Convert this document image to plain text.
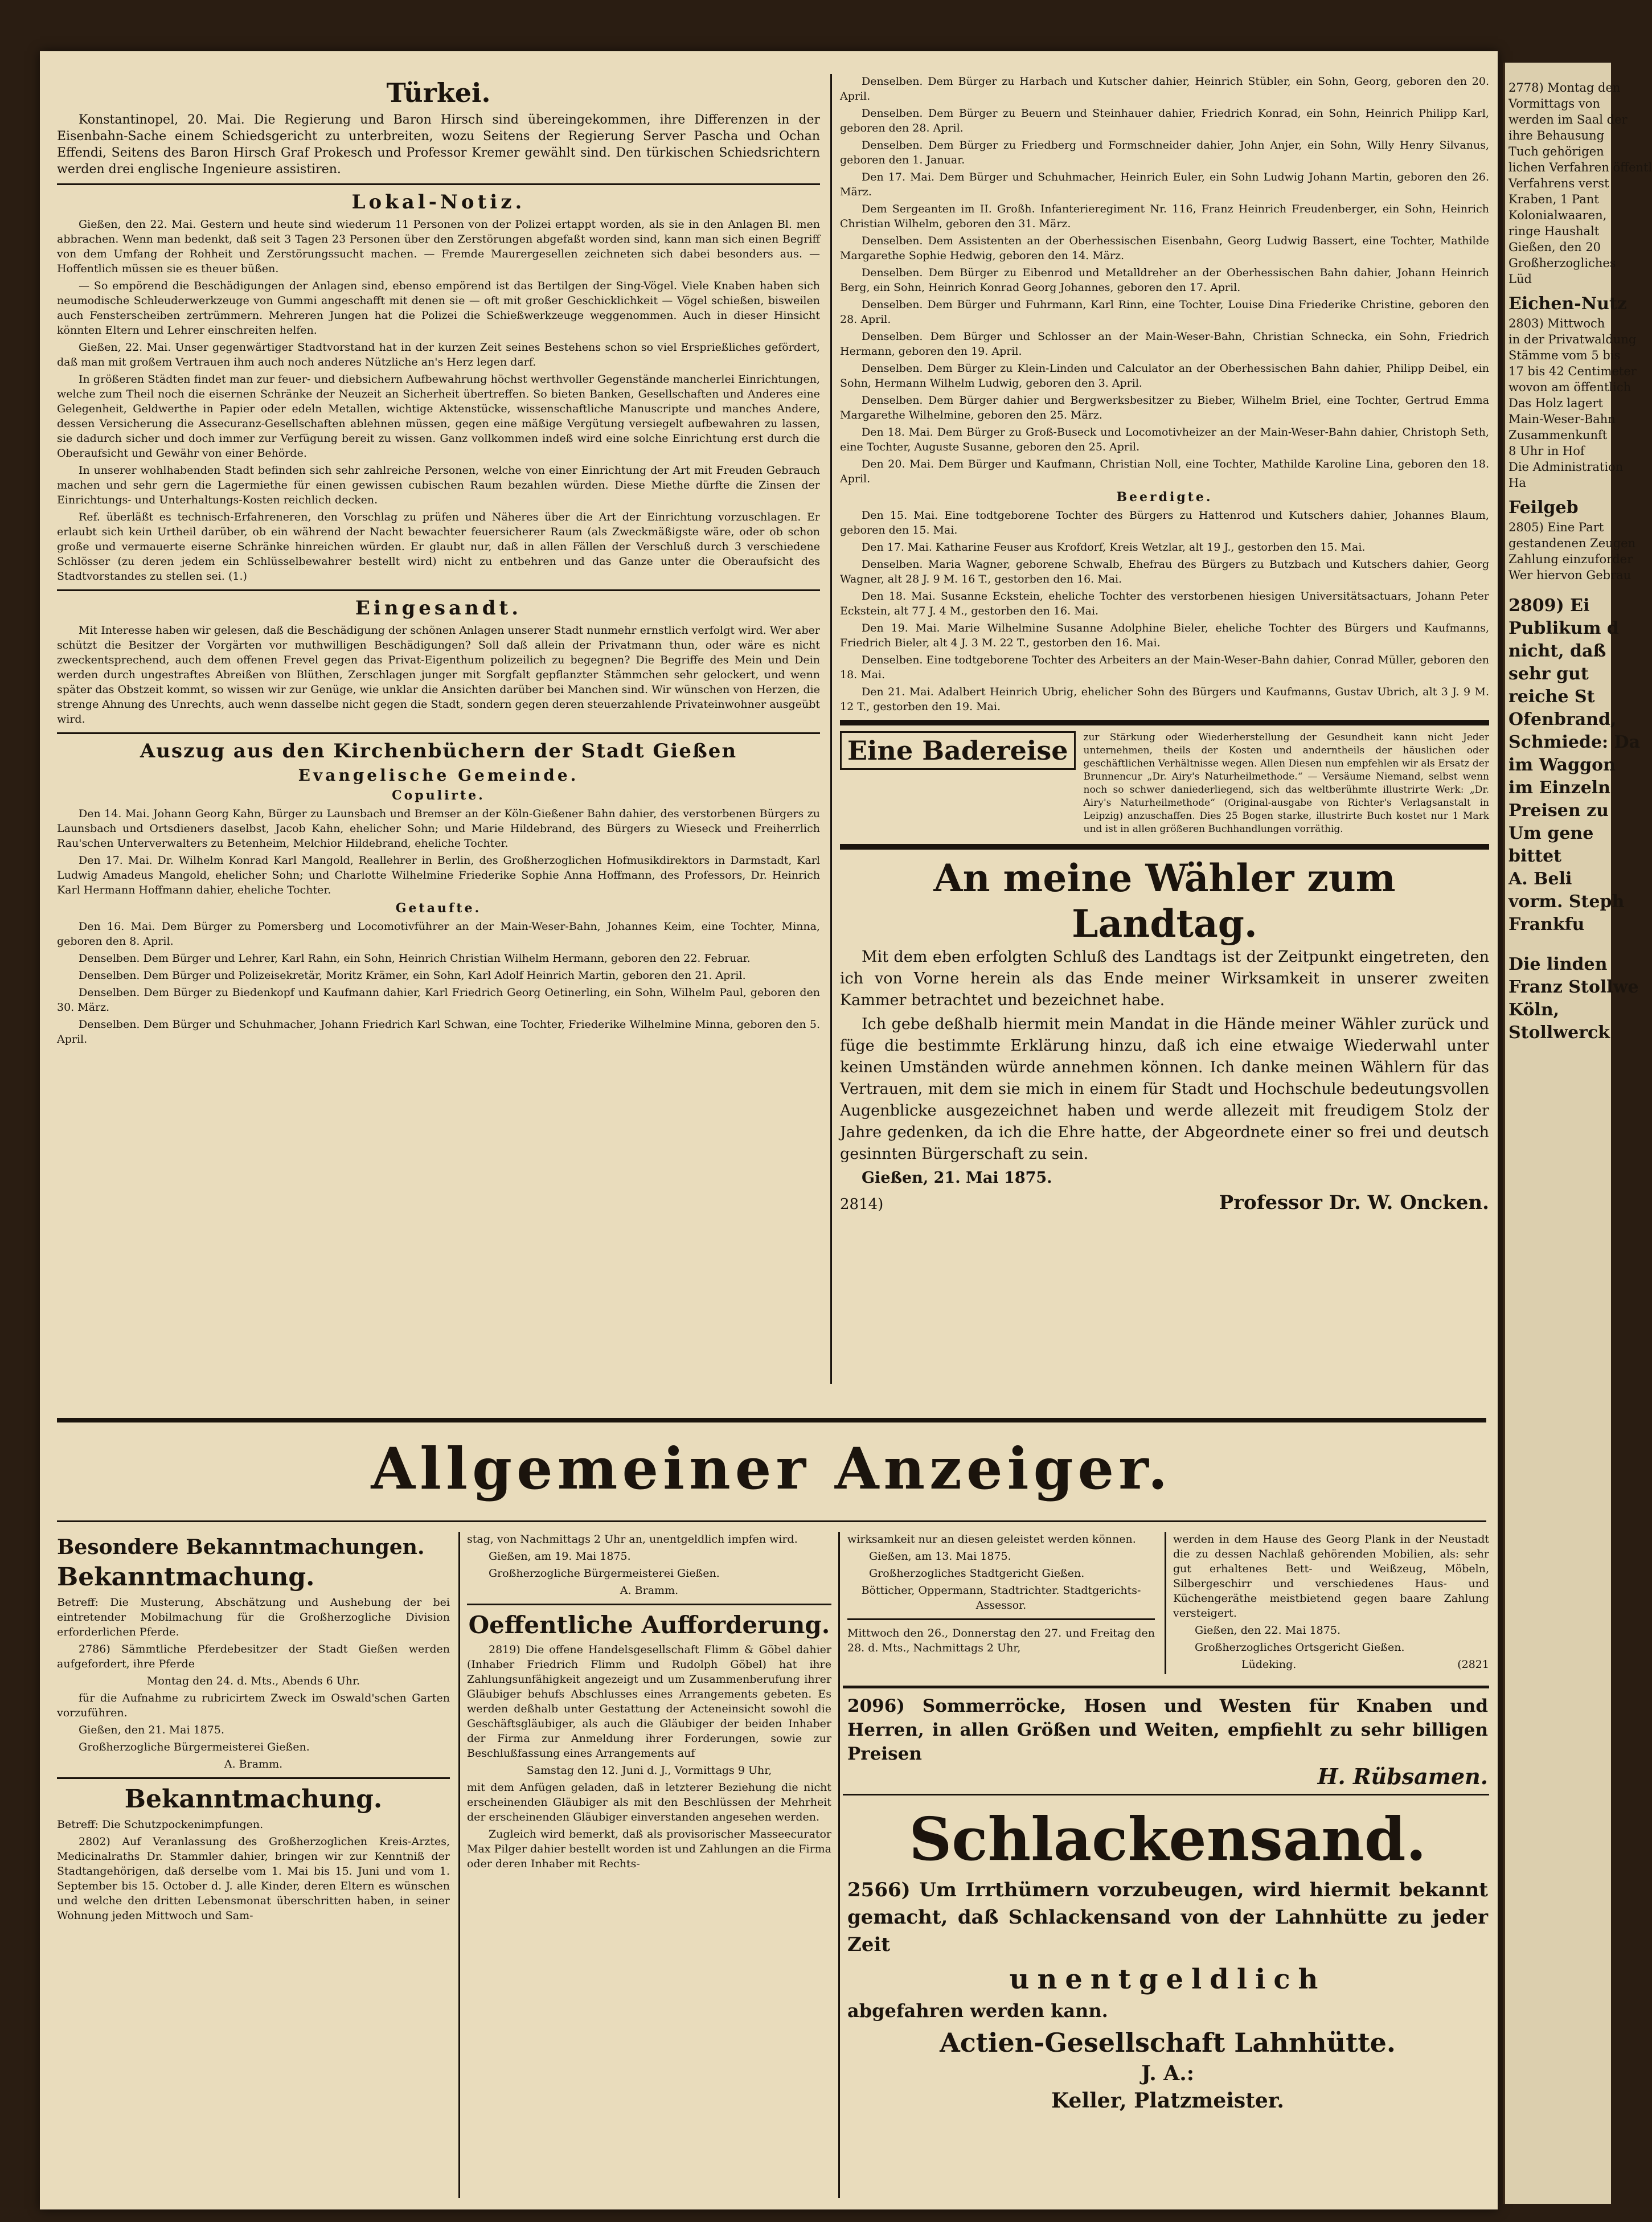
Türkei.

Konstantinopel, 20. Mai. Die Regierung und Baron Hirsch sind übereingekommen, ihre Differenzen in der Eisenbahn-Sache einem Schiedsgericht zu unterbreiten, wozu Seitens der Regierung Server Pascha und Ochan Effendi, Seitens des Baron Hirsch Graf Prokesch und Professor Kremer gewählt sind. Den türkischen Schiedsrichtern werden drei englische Ingenieure assistiren.

Lokal-Notiz.

Gießen, den 22. Mai. Gestern und heute sind wiederum 11 Personen von der Polizei ertappt worden, als sie in den Anlagen Bl. men abbrachen. Wenn man bedenkt, daß seit 3 Tagen 23 Personen über den Zerstörungen abgefaßt worden sind, kann man sich einen Begriff von dem Umfang der Rohheit und Zerstörungssucht machen. — Fremde Maurergesellen zeichneten sich dabei besonders aus. — Hoffentlich müssen sie es theuer büßen.

— So empörend die Beschädigungen der Anlagen sind, ebenso empörend ist das Bertilgen der Sing-Vögel. Viele Knaben haben sich neumodische Schleuderwerkzeuge von Gummi angeschafft mit denen sie — oft mit großer Geschicklichkeit — Vögel schießen, bisweilen auch Fensterscheiben zertrümmern. Mehreren Jungen hat die Polizei die Schießwerkzeuge weggenommen. Auch in dieser Hinsicht könnten Eltern und Lehrer einschreiten helfen.

Gießen, 22. Mai. Unser gegenwärtiger Stadtvorstand hat in der kurzen Zeit seines Bestehens schon so viel Ersprießliches gefördert, daß man mit großem Vertrauen ihm auch noch anderes Nützliche an's Herz legen darf.

In größeren Städten findet man zur feuer- und diebsichern Aufbewahrung höchst werthvoller Gegenstände mancherlei Einrichtungen, welche zum Theil noch die eisernen Schränke der Neuzeit an Sicherheit übertreffen. So bieten Banken, Gesellschaften und Anderes eine Gelegenheit, Geldwerthe in Papier oder edeln Metallen, wichtige Aktenstücke, wissenschaftliche Manuscripte und manches Andere, dessen Versicherung die Assecuranz-Gesellschaften ablehnen müssen, gegen eine mäßige Vergütung versiegelt aufbewahren zu lassen, sie dadurch sicher und doch immer zur Verfügung bereit zu wissen. Ganz vollkommen indeß wird eine solche Einrichtung erst durch die Oberaufsicht und Gewähr von einer Behörde.

In unserer wohlhabenden Stadt befinden sich sehr zahlreiche Personen, welche von einer Einrichtung der Art mit Freuden Gebrauch machen und sehr gern die Lagermiethe für einen gewissen cubischen Raum bezahlen würden. Diese Miethe dürfte die Zinsen der Einrichtungs- und Unterhaltungs-Kosten reichlich decken.

Ref. überläßt es technisch-Erfahreneren, den Vorschlag zu prüfen und Näheres über die Art der Einrichtung vorzuschlagen. Er erlaubt sich kein Urtheil darüber, ob ein während der Nacht bewachter feuersicherer Raum (als Zweckmäßigste wäre, oder ob schon große und vermauerte eiserne Schränke hinreichen würden. Er glaubt nur, daß in allen Fällen der Verschluß durch 3 verschiedene Schlösser (zu deren jedem ein Schlüsselbewahrer bestellt wird) nicht zu entbehren und das Ganze unter die Oberaufsicht des Stadtvorstandes zu stellen sei. (1.)

Eingesandt.

Mit Interesse haben wir gelesen, daß die Beschädigung der schönen Anlagen unserer Stadt nunmehr ernstlich verfolgt wird. Wer aber schützt die Besitzer der Vorgärten vor muthwilligen Beschädigungen? Soll daß allein der Privatmann thun, oder wäre es nicht zweckentsprechend, auch dem offenen Frevel gegen das Privat-Eigenthum polizeilich zu begegnen? Die Begriffe des Mein und Dein werden durch ungestraftes Abreißen von Blüthen, Zerschlagen junger mit Sorgfalt gepflanzter Stämmchen sehr gelockert, und wenn später das Obstzeit kommt, so wissen wir zur Genüge, wie unklar die Ansichten darüber bei Manchen sind. Wir wünschen von Herzen, die strenge Ahnung des Unrechts, auch wenn dasselbe nicht gegen die Stadt, sondern gegen deren steuerzahlende Privateinwohner ausgeübt wird.

Auszug aus den Kirchenbüchern der Stadt Gießen
Evangelische Gemeinde.
Copulirte.

Den 14. Mai. Johann Georg Kahn, Bürger zu Launsbach und Bremser an der Köln-Gießener Bahn dahier, des verstorbenen Bürgers zu Launsbach und Ortsdieners daselbst, Jacob Kahn, ehelicher Sohn; und Marie Hildebrand, des Bürgers zu Wieseck und Freiherrlich Rau'schen Unterverwalters zu Betenheim, Melchior Hildebrand, eheliche Tochter.

Den 17. Mai. Dr. Wilhelm Konrad Karl Mangold, Reallehrer in Berlin, des Großherzoglichen Hofmusikdirektors in Darmstadt, Karl Ludwig Amadeus Mangold, ehelicher Sohn; und Charlotte Wilhelmine Friederike Sophie Anna Hoffmann, des Professors, Dr. Heinrich Karl Hermann Hoffmann dahier, eheliche Tochter.

Getaufte.

Den 16. Mai. Dem Bürger zu Pomersberg und Locomotivführer an der Main-Weser-Bahn, Johannes Keim, eine Tochter, Minna, geboren den 8. April.

Denselben. Dem Bürger und Lehrer, Karl Rahn, ein Sohn, Heinrich Christian Wilhelm Hermann, geboren den 22. Februar.

Denselben. Dem Bürger und Polizeisekretär, Moritz Krämer, ein Sohn, Karl Adolf Heinrich Martin, geboren den 21. April.

Denselben. Dem Bürger zu Biedenkopf und Kaufmann dahier, Karl Friedrich Georg Oetinerling, ein Sohn, Wilhelm Paul, geboren den 30. März.

Denselben. Dem Bürger und Schuhmacher, Johann Friedrich Karl Schwan, eine Tochter, Friederike Wilhelmine Minna, geboren den 5. April.

Denselben. Dem Bürger zu Harbach und Kutscher dahier, Heinrich Stübler, ein Sohn, Georg, geboren den 20. April.

Denselben. Dem Bürger zu Beuern und Steinhauer dahier, Friedrich Konrad, ein Sohn, Heinrich Philipp Karl, geboren den 28. April.

Denselben. Dem Bürger zu Friedberg und Formschneider dahier, John Anjer, ein Sohn, Willy Henry Silvanus, geboren den 1. Januar.

Den 17. Mai. Dem Bürger und Schuhmacher, Heinrich Euler, ein Sohn Ludwig Johann Martin, geboren den 26. März.

Dem Sergeanten im II. Großh. Infanterieregiment Nr. 116, Franz Heinrich Freudenberger, ein Sohn, Heinrich Christian Wilhelm, geboren den 31. März.

Denselben. Dem Assistenten an der Oberhessischen Eisenbahn, Georg Ludwig Bassert, eine Tochter, Mathilde Margarethe Sophie Hedwig, geboren den 14. März.

Denselben. Dem Bürger zu Eibenrod und Metalldreher an der Oberhessischen Bahn dahier, Johann Heinrich Berg, ein Sohn, Heinrich Konrad Georg Johannes, geboren den 17. April.

Denselben. Dem Bürger und Fuhrmann, Karl Rinn, eine Tochter, Louise Dina Friederike Christine, geboren den 28. April.

Denselben. Dem Bürger und Schlosser an der Main-Weser-Bahn, Christian Schnecka, ein Sohn, Friedrich Hermann, geboren den 19. April.

Denselben. Dem Bürger zu Klein-Linden und Calculator an der Oberhessischen Bahn dahier, Philipp Deibel, ein Sohn, Hermann Wilhelm Ludwig, geboren den 3. April.

Denselben. Dem Bürger dahier und Bergwerksbesitzer zu Bieber, Wilhelm Briel, eine Tochter, Gertrud Emma Margarethe Wilhelmine, geboren den 25. März.

Den 18. Mai. Dem Bürger zu Groß-Buseck und Locomotivheizer an der Main-Weser-Bahn dahier, Christoph Seth, eine Tochter, Auguste Susanne, geboren den 25. April.

Den 20. Mai. Dem Bürger und Kaufmann, Christian Noll, eine Tochter, Mathilde Karoline Lina, geboren den 18. April.

Beerdigte.

Den 15. Mai. Eine todtgeborene Tochter des Bürgers zu Hattenrod und Kutschers dahier, Johannes Blaum, geboren den 15. Mai.

Den 17. Mai. Katharine Feuser aus Krofdorf, Kreis Wetzlar, alt 19 J., gestorben den 15. Mai.

Denselben. Maria Wagner, geborene Schwalb, Ehefrau des Bürgers zu Butzbach und Kutschers dahier, Georg Wagner, alt 28 J. 9 M. 16 T., gestorben den 16. Mai.

Den 18. Mai. Susanne Eckstein, eheliche Tochter des verstorbenen hiesigen Universitätsactuars, Johann Peter Eckstein, alt 77 J. 4 M., gestorben den 16. Mai.

Den 19. Mai. Marie Wilhelmine Susanne Adolphine Bieler, eheliche Tochter des Bürgers und Kaufmanns, Friedrich Bieler, alt 4 J. 3 M. 22 T., gestorben den 16. Mai.

Denselben. Eine todtgeborene Tochter des Arbeiters an der Main-Weser-Bahn dahier, Conrad Müller, geboren den 18. Mai.

Den 21. Mai. Adalbert Heinrich Ubrig, ehelicher Sohn des Bürgers und Kaufmanns, Gustav Ubrich, alt 3 J. 9 M. 12 T., gestorben den 19. Mai.

Eine Badereise	zur Stärkung oder Wiederherstellung der Gesundheit kann nicht Jeder unternehmen, theils der Kosten und anderntheils der häuslichen oder geschäftlichen Verhältnisse wegen. Allen Diesen nun empfehlen wir als Ersatz der Brunnencur „Dr. Airy's Naturheilmethode.“ — Versäume Niemand, selbst wenn noch so schwer daniederliegend, sich das weltberühmte illustrirte Werk: „Dr. Airy's Naturheilmethode“ (Original-ausgabe von Richter's Verlagsanstalt in Leipzig) anzuschaffen. Dies 25 Bogen starke, illustrirte Buch kostet nur 1 Mark und ist in allen größeren Buchhandlungen vorräthig.

An meine Wähler zum Landtag.

Mit dem eben erfolgten Schluß des Landtags ist der Zeitpunkt eingetreten, den ich von Vorne herein als das Ende meiner Wirksamkeit in unserer zweiten Kammer betrachtet und bezeichnet habe.

Ich gebe deßhalb hiermit mein Mandat in die Hände meiner Wähler zurück und füge die bestimmte Erklärung hinzu, daß ich eine etwaige Wiederwahl unter keinen Umständen würde annehmen können. Ich danke meinen Wählern für das Vertrauen, mit dem sie mich in einem für Stadt und Hochschule bedeutungsvollen Augenblicke ausgezeichnet haben und werde allezeit mit freudigem Stolz der Jahre gedenken, da ich die Ehre hatte, der Abgeordnete einer so frei und deutsch gesinnten Bürgerschaft zu sein.

Gießen, 21. Mai 1875.

2814)	Professor Dr. W. Oncken.
Allgemeiner Anzeiger.
Besondere Bekanntmachungen.
Bekanntmachung.

Betreff: Die Musterung, Abschätzung und Aushebung der bei eintretender Mobilmachung für die Großherzogliche Division erforderlichen Pferde.

2786) Sämmtliche Pferdebesitzer der Stadt Gießen werden aufgefordert, ihre Pferde

Montag den 24. d. Mts., Abends 6 Uhr.

für die Aufnahme zu rubricirtem Zweck im Oswald'schen Garten vorzuführen.

Gießen, den 21. Mai 1875.

Großherzogliche Bürgermeisterei Gießen.

A. Bramm.

Bekanntmachung.

Betreff: Die Schutzpockenimpfungen.

2802) Auf Veranlassung des Großherzoglichen Kreis-Arztes, Medicinalraths Dr. Stammler dahier, bringen wir zur Kenntniß der Stadtangehörigen, daß derselbe vom 1. Mai bis 15. Juni und vom 1. September bis 15. October d. J. alle Kinder, deren Eltern es wünschen und welche den dritten Lebensmonat überschritten haben, in seiner Wohnung jeden Mittwoch und Sam-

stag, von Nachmittags 2 Uhr an, unentgeldlich impfen wird.

Gießen, am 19. Mai 1875.

Großherzogliche Bürgermeisterei Gießen.

A. Bramm.

Oeffentliche Aufforderung.

2819) Die offene Handelsgesellschaft Flimm & Göbel dahier (Inhaber Friedrich Flimm und Rudolph Göbel) hat ihre Zahlungsunfähigkeit angezeigt und um Zusammenberufung ihrer Gläubiger behufs Abschlusses eines Arrangements gebeten. Es werden deßhalb unter Gestattung der Acteneinsicht sowohl die Geschäftsgläubiger, als auch die Gläubiger der beiden Inhaber der Firma zur Anmeldung ihrer Forderungen, sowie zur Beschlußfassung eines Arrangements auf

Samstag den 12. Juni d. J., Vormittags 9 Uhr,

mit dem Anfügen geladen, daß in letzterer Beziehung die nicht erscheinenden Gläubiger als mit den Beschlüssen der Mehrheit der erscheinenden Gläubiger einverstanden angesehen werden.

Zugleich wird bemerkt, daß als provisorischer Masseecurator Max Pilger dahier bestellt worden ist und Zahlungen an die Firma oder deren Inhaber mit Rechts-

wirksamkeit nur an diesen geleistet werden können.

Gießen, am 13. Mai 1875.

Großherzogliches Stadtgericht Gießen.

Bötticher, Oppermann, Stadtrichter. Stadtgerichts-Assessor.

Mittwoch den 26., Donnerstag den 27. und Freitag den 28. d. Mts., Nachmittags 2 Uhr,

werden in dem Hause des Georg Plank in der Neustadt die zu dessen Nachlaß gehörenden Mobilien, als: sehr gut erhaltenes Bett- und Weißzeug, Möbeln, Silbergeschirr und verschiedenes Haus- und Küchengeräthe meistbietend gegen baare Zahlung versteigert.

Gießen, den 22. Mai 1875.

Großherzogliches Ortsgericht Gießen.

Lüdeking.	(2821

2096) Sommerröcke, Hosen und Westen für Knaben und Herren, in allen Größen und Weiten, empfiehlt zu sehr billigen Preisen

H. Rübsamen.

Schlackensand.

2566) Um Irrthümern vorzubeugen, wird hiermit bekannt gemacht, daß Schlackensand von der Lahnhütte zu jeder Zeit

unentgeldlich

abgefahren werden kann.

Actien-Gesellschaft Lahnhütte.
J. A.:
Keller, Platzmeister.
2778) Montag den
Vormittags von
werden im Saal der
ihre Behausung
Tuch gehörigen
lichen Verfahren öffentl
Verfahrens verst
Kraben, 1 Pant
Kolonialwaaren,
ringe Haushalt
Gießen, den 20
Großherzogliches
Lüd
Eichen-Nutz
2803) Mittwoch
in der Privatwaldung
Stämme vom 5 bis
17 bis 42 Centimeter
wovon am öffentlich
Das Holz lagert
Main-Weser-Bahn
Zusammenkunft
8 Uhr in Hof
Die Administration
Ha
Feilgeb
2805) Eine Part
gestandenen Zeugen
Zahlung einzuforder
Wer hiervon Gebrau
2809) Ei
Publikum d
nicht, daß
sehr gut
reiche St
Ofenbrand,
Schmiede: Da
im Waggon
im Einzeln
Preisen zu
Um gene
bittet
A. Beli
vorm. Steph
Frankfu
Die linden
Franz Stollwe
Köln,
Stollwerck
